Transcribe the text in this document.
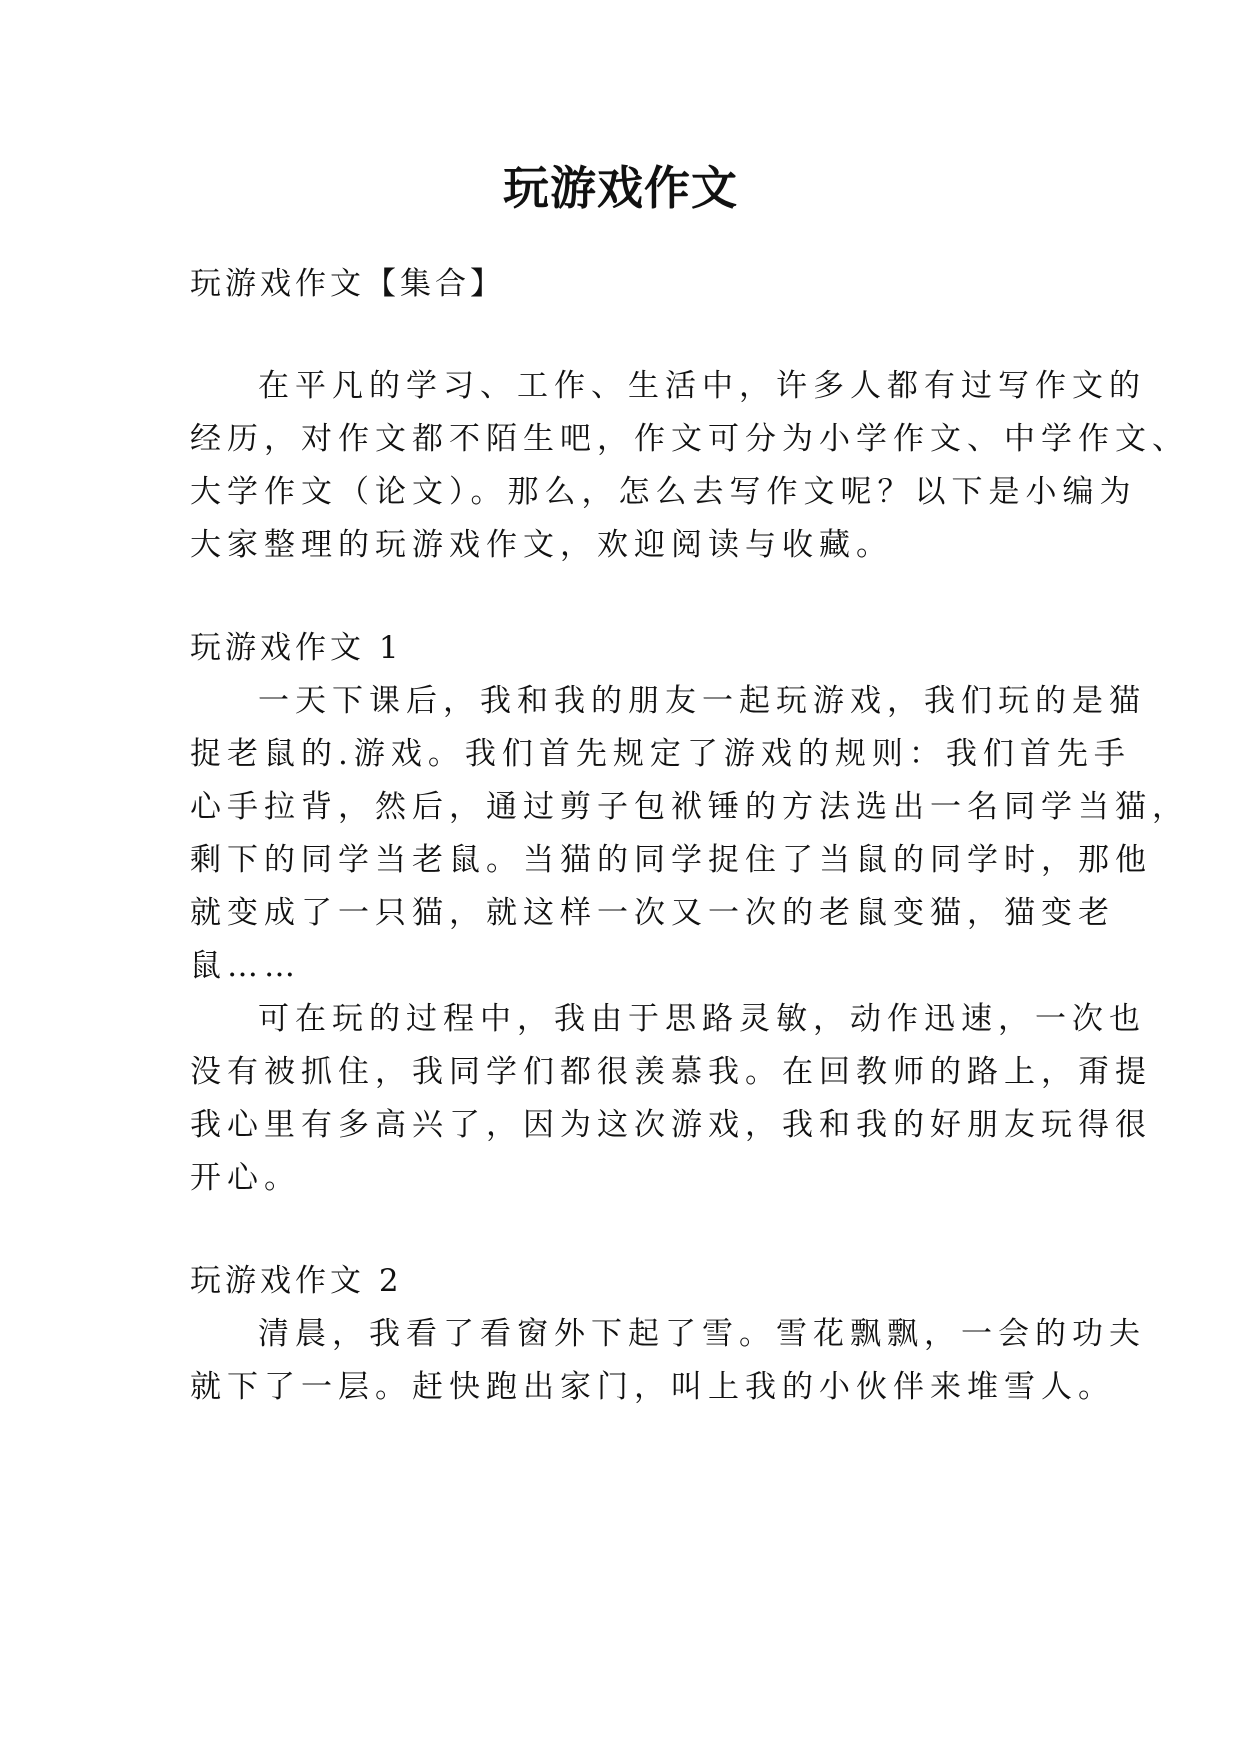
玩游戏作文

玩游戏作文【集合】

在平凡的学习、工作、生活中，许多人都有过写作文的

经历，对作文都不陌生吧，作文可分为小学作文、中学作文、

大学作文（论文）。那么，怎么去写作文呢？以下是小编为

大家整理的玩游戏作文，欢迎阅读与收藏。

玩游戏作文 1

一天下课后，我和我的朋友一起玩游戏，我们玩的是猫

捉老鼠的.游戏。我们首先规定了游戏的规则：我们首先手

心手拉背，然后，通过剪子包袱锤的方法选出一名同学当猫，

剩下的同学当老鼠。当猫的同学捉住了当鼠的同学时，那他

就变成了一只猫，就这样一次又一次的老鼠变猫，猫变老

鼠……

可在玩的过程中，我由于思路灵敏，动作迅速，一次也

没有被抓住，我同学们都很羡慕我。在回教师的路上，甭提

我心里有多高兴了，因为这次游戏，我和我的好朋友玩得很

开心。

玩游戏作文 2

清晨，我看了看窗外下起了雪。雪花飘飘，一会的功夫

就下了一层。赶快跑出家门，叫上我的小伙伴来堆雪人。
